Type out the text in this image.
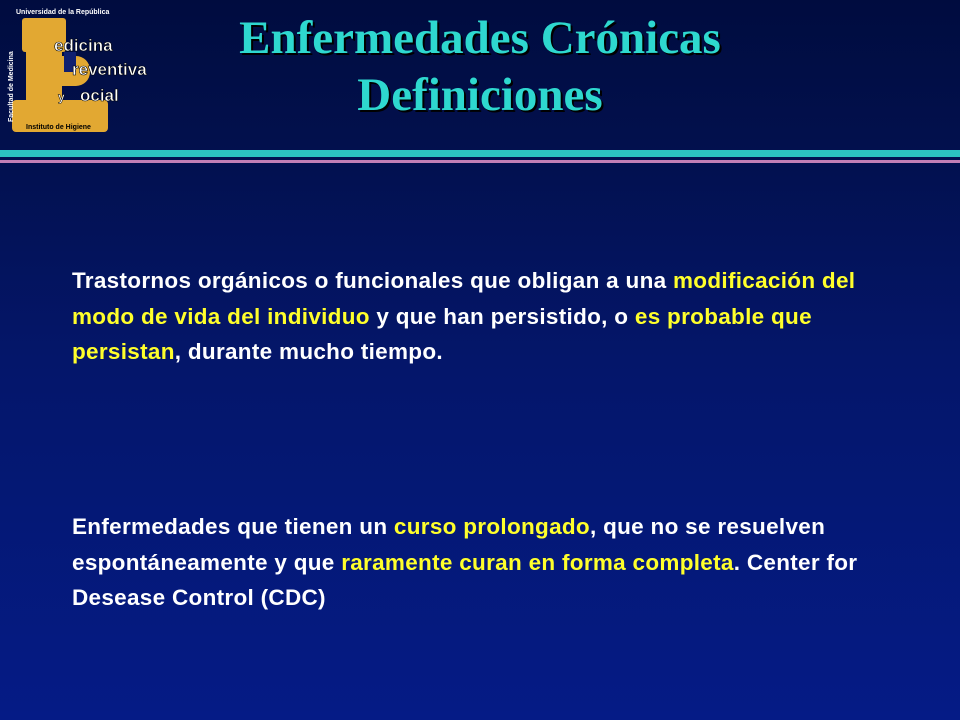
Universidad de la República
Facultad de Medicina
edicina
reventiva
y ocial
Instituto de Higiene
Enfermedades Crónicas
Definiciones

Trastornos orgánicos o funcionales que obligan a una modificación del modo de vida del individuo y que han persistido, o es probable que persistan, durante mucho tiempo.

Enfermedades que tienen un curso prolongado, que no se resuelven espontáneamente y que raramente curan en forma completa. Center for Desease Control (CDC)
